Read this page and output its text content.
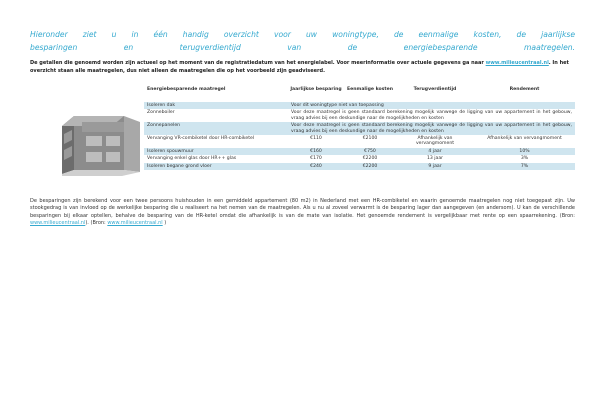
Hieronder ziet u in één handig overzicht voor uw woningtype, de eenmalige kosten, de jaarlijkse
besparingen en terugverdientijd van de energiebesparende maatregelen.
De getallen die genoemd worden zijn actueel op het moment van de registratiedatum van het energielabel. Voor meerinformatie over actuele gegevens ga naar www.milieucentraal.nl. In het overzicht staan alle maatregelen, dus niet alleen de maatregelen die op het voorbeeld zijn geadviseerd.
Energiebesparende maatregel	Jaarlijkse besparing	Eenmalige kosten	Terugverdientijd	Rendement
Isoleren dak	Voor dit woningtype niet van toepassing			
Zonneboiler	Voor deze maatregel is geen standaard berekening mogelijk vanwege de ligging van uw appartement in het gebouw, vraag advies bij een deskundige naar de mogelijkheden en kosten			
Zonnepanelen	Voor deze maatregel is geen standaard berekening mogelijk vanwege de ligging van uw appartement in het gebouw, vraag advies bij een deskundige naar de mogelijkheden en kosten			
Vervanging VR-combiketel door HR-combiketel	€110	€2100	Afhankelijk van vervangmoment	Afhankelijk van vervangmoment
Isoleren spouwmuur	€160	€750	4 jaar	10%
Vervanging enkel glas door HR++ glas	€170	€2200	13 jaar	3%
Isoleren begane grond vloer	€240	€2200	9 jaar	7%
De besparingen zijn berekend voor een twee persoons huishouden in een gemiddeld appartement (80 m2) in Nederland met een HR-combiketel en waarin genoemde maatregelen nog niet toegepast zijn. Uw stookgedrag is van invloed op de werkelijke besparing die u realiseert na het nemen van de maatregelen. Als u nu al zoveel verwarmt is de besparing lager dan aangegeven (en andersom). U kan de verschillende besparingen bij elkaar optellen, behalve de besparing van de HR-ketel omdat die afhankelijk is van de mate van isolatie. Het genoemde rendement is vergelijkbaar met rente op een spaarrekening. (Bron: www.milieucentraal.nl). (Bron: www.milieucentraal.nl )
